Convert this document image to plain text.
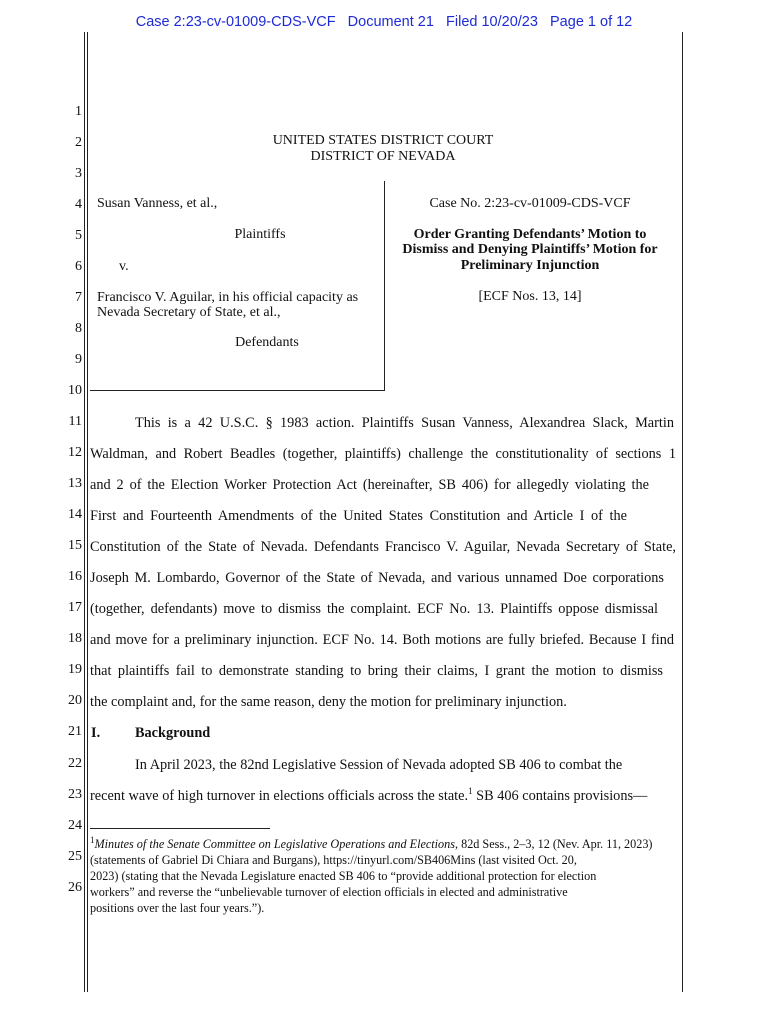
Case 2:23-cv-01009-CDS-VCF Document 21 Filed 10/20/23 Page 1 of 12
1
2
3
4
5
6
7
8
9
10
11
12
13
14
15
16
17
18
19
20
21
22
23
24
25
26
UNITED STATES DISTRICT COURT
DISTRICT OF NEVADA
Susan Vanness, et al.,
Plaintiffs
v.
Francisco V. Aguilar, in his official capacity as
Nevada Secretary of State, et al.,
Defendants
Case No. 2:23-cv-01009-CDS-VCF
Order Granting Defendants’ Motion to
Dismiss and Denying Plaintiffs’ Motion for
Preliminary Injunction
[ECF Nos. 13, 14]
This is a 42 U.S.C. § 1983 action. Plaintiffs Susan Vanness, Alexandrea Slack, Martin
Waldman, and Robert Beadles (together, plaintiffs) challenge the constitutionality of sections 1
and 2 of the Election Worker Protection Act (hereinafter, SB 406) for allegedly violating the
First and Fourteenth Amendments of the United States Constitution and Article I of the
Constitution of the State of Nevada. Defendants Francisco V. Aguilar, Nevada Secretary of State,
Joseph M. Lombardo, Governor of the State of Nevada, and various unnamed Doe corporations
(together, defendants) move to dismiss the complaint. ECF No. 13. Plaintiffs oppose dismissal
and move for a preliminary injunction. ECF No. 14. Both motions are fully briefed. Because I find
that plaintiffs fail to demonstrate standing to bring their claims, I grant the motion to dismiss
the complaint and, for the same reason, deny the motion for preliminary injunction.
I. Background
In April 2023, the 82nd Legislative Session of Nevada adopted SB 406 to combat the
recent wave of high turnover in elections officials across the state.$^1$ SB 406 contains provisions—
$^1$Minutes of the Senate Committee on Legislative Operations and Elections, 82d Sess., 2–3, 12 (Nev. Apr. 11, 2023)
(statements of Gabriel Di Chiara and Burgans), https://tinyurl.com/SB406Mins (last visited Oct. 20,
2023) (stating that the Nevada Legislature enacted SB 406 to “provide additional protection for election
workers” and reverse the “unbelievable turnover of election officials in elected and administrative
positions over the last four years.”).
